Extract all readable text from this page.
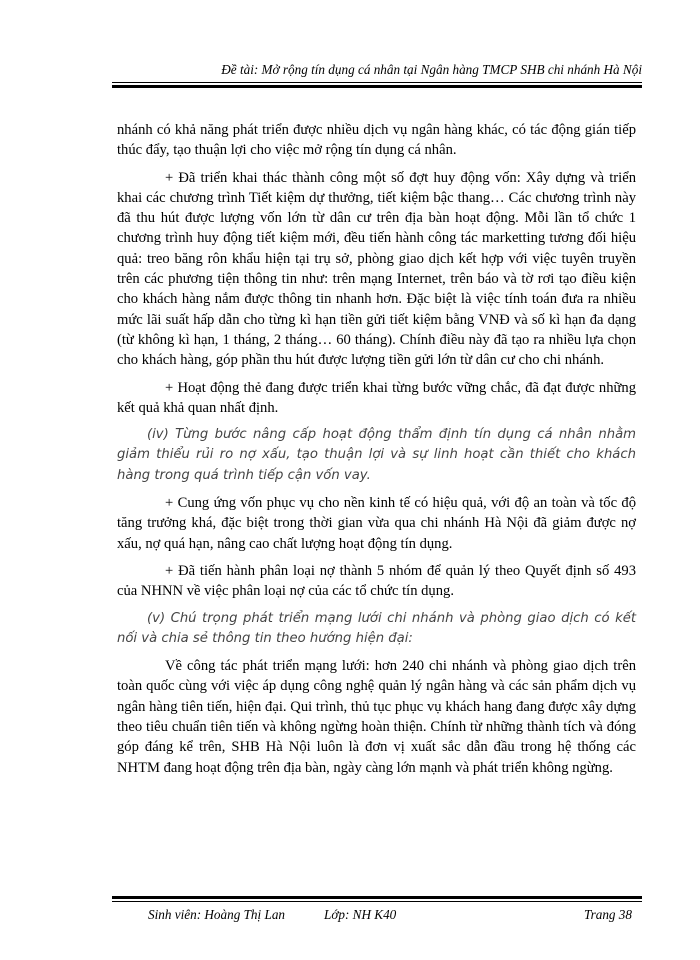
Đề tài: Mở rộng tín dụng cá nhân tại Ngân hàng TMCP SHB chi nhánh Hà Nội

nhánh có khả năng phát triển được nhiều dịch vụ ngân hàng khác, có tác động gián tiếp thúc đẩy, tạo thuận lợi cho việc mở rộng tín dụng cá nhân.

+ Đã triển khai thác thành công một số đợt huy động vốn: Xây dựng và triển khai các chương trình Tiết kiệm dự thưởng, tiết kiệm bậc thang… Các chương trình này đã thu hút được lượng vốn lớn từ dân cư trên địa bàn hoạt động. Mỗi lần tổ chức 1 chương trình huy động tiết kiệm mới, đều tiến hành công tác marketting tương đối hiệu quả: treo băng rôn khẩu hiện tại trụ sở, phòng giao dịch kết hợp với việc tuyên truyền trên các phương tiện thông tin như: trên mạng Internet, trên báo và tờ rơi tạo điều kiện cho khách hàng nắm được thông tin nhanh hơn. Đặc biệt là việc tính toán đưa ra nhiều mức lãi suất hấp dẫn cho từng kì hạn tiền gửi tiết kiệm bằng VNĐ và số kì hạn đa dạng (từ không kì hạn, 1 tháng, 2 tháng… 60 tháng). Chính điều này đã tạo ra nhiều lựa chọn cho khách hàng, góp phần thu hút được lượng tiền gửi lớn từ dân cư cho chi nhánh.

+ Hoạt động thẻ đang được triển khai từng bước vững chắc, đã đạt được những kết quả khả quan nhất định.

(iv) Từng bước nâng cấp hoạt động thẩm định tín dụng cá nhân nhằm giảm thiểu rủi ro nợ xấu, tạo thuận lợi và sự linh hoạt cần thiết cho khách hàng trong quá trình tiếp cận vốn vay.

+ Cung ứng vốn phục vụ cho nền kinh tế có hiệu quả, với độ an toàn và tốc độ tăng trưởng khá, đặc biệt trong thời gian vừa qua chi nhánh Hà Nội đã giảm được nợ xấu, nợ quá hạn, nâng cao chất lượng hoạt động tín dụng.

+ Đã tiến hành phân loại nợ thành 5 nhóm để quản lý theo Quyết định số 493 của NHNN về việc phân loại nợ của các tổ chức tín dụng.

(v) Chú trọng phát triển mạng lưới chi nhánh và phòng giao dịch có kết nối và chia sẻ thông tin theo hướng hiện đại:

Về công tác phát triển mạng lưới: hơn 240 chi nhánh và phòng giao dịch trên toàn quốc cùng với việc áp dụng công nghệ quản lý ngân hàng và các sản phẩm dịch vụ ngân hàng tiên tiến, hiện đại. Qui trình, thủ tục phục vụ khách hang đang được xây dựng theo tiêu chuẩn tiên tiến và không ngừng hoàn thiện. Chính từ những thành tích và đóng góp đáng kể trên, SHB Hà Nội luôn là đơn vị xuất sắc dẫn đầu trong hệ thống các NHTM đang hoạt động trên địa bàn, ngày càng lớn mạnh và phát triển không ngừng.

Sinh viên: Hoàng Thị Lan	Lớp: NH K40	Trang 38
